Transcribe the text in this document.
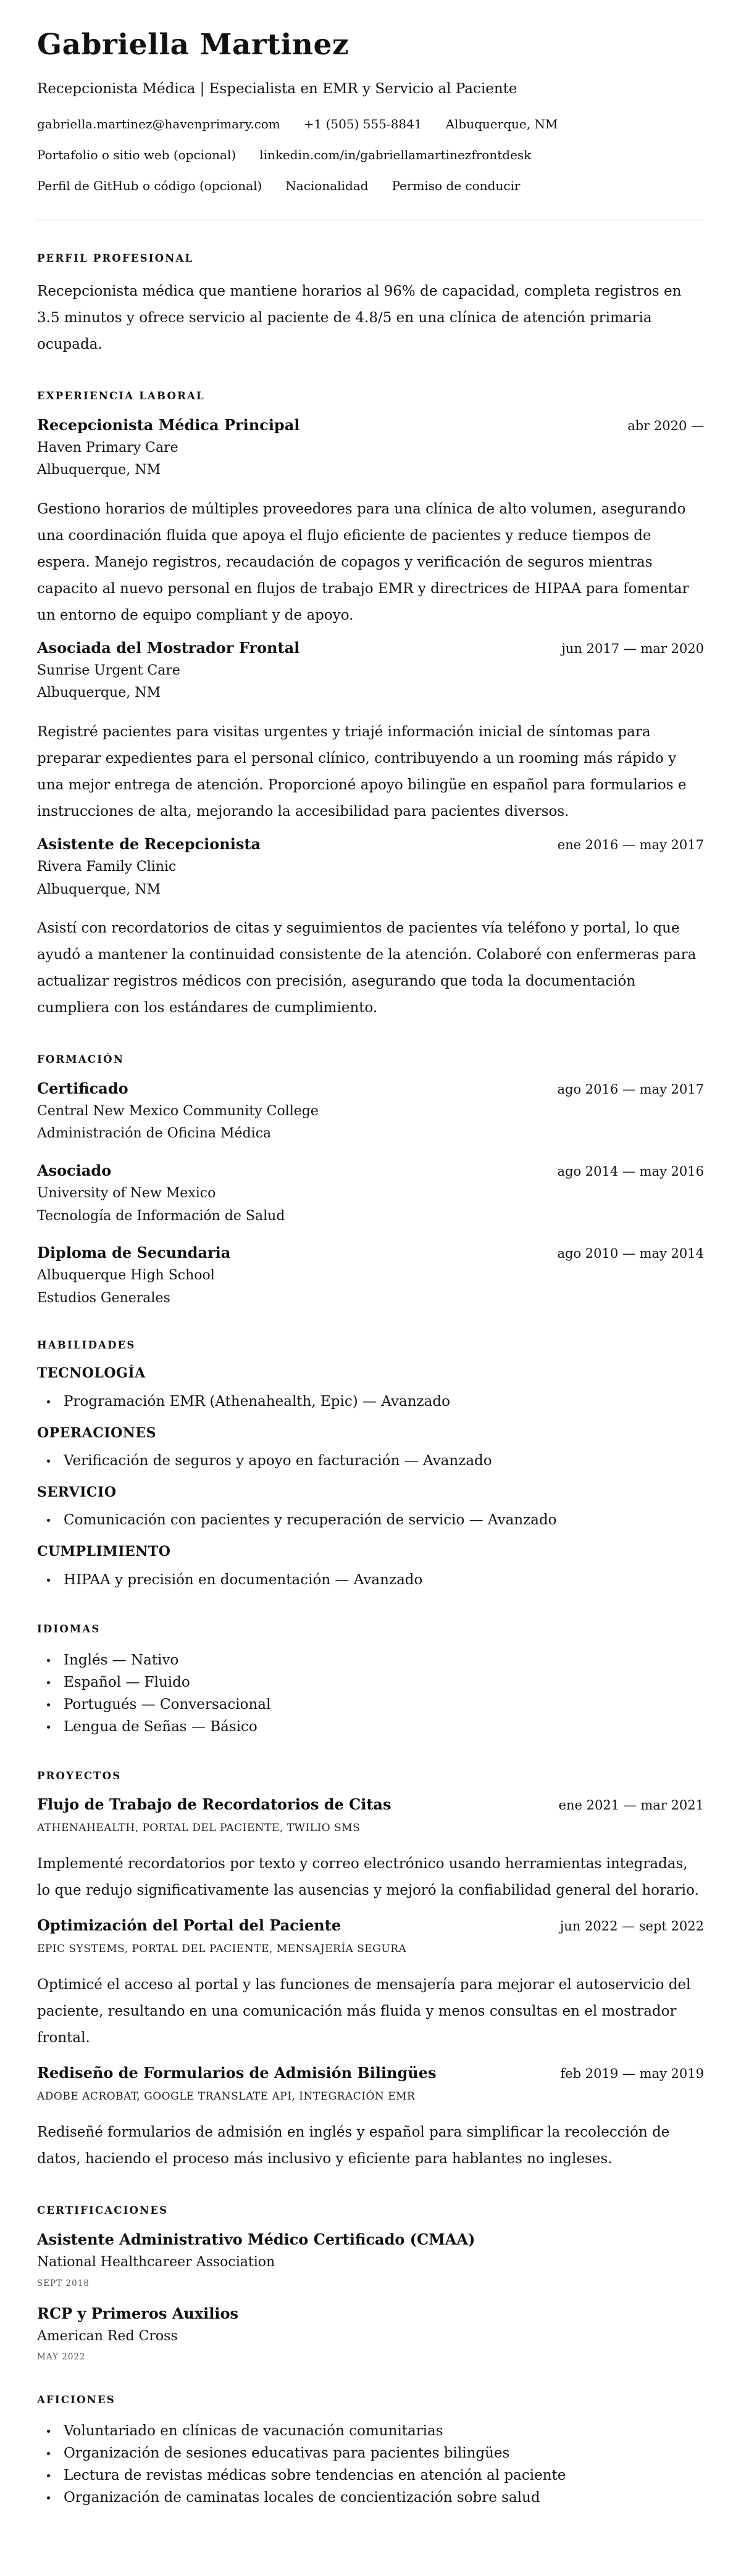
Gabriella Martinez
Recepcionista Médica | Especialista en EMR y Servicio al Paciente
gabriella.martinez@havenprimary.com +1 (505) 555-8841 Albuquerque, NM
Portafolio o sitio web (opcional) linkedin.com/in/gabriellamartinezfrontdesk
Perfil de GitHub o código (opcional) Nacionalidad Permiso de conducir
PERFIL PROFESIONAL

Recepcionista médica que mantiene horarios al 96% de capacidad, completa registros en 3.5 minutos y ofrece servicio al paciente de 4.8/5 en una clínica de atención primaria ocupada.

EXPERIENCIA LABORAL
Recepcionista Médica Principal	abr 2020 —
Haven Primary Care
Albuquerque, NM

Gestiono horarios de múltiples proveedores para una clínica de alto volumen, asegurando una coordinación fluida que apoya el flujo eficiente de pacientes y reduce tiempos de espera. Manejo registros, recaudación de copagos y verificación de seguros mientras capacito al nuevo personal en flujos de trabajo EMR y directrices de HIPAA para fomentar un entorno de equipo compliant y de apoyo.

Asociada del Mostrador Frontal	jun 2017 — mar 2020
Sunrise Urgent Care
Albuquerque, NM

Registré pacientes para visitas urgentes y triajé información inicial de síntomas para preparar expedientes para el personal clínico, contribuyendo a un rooming más rápido y una mejor entrega de atención. Proporcioné apoyo bilingüe en español para formularios e instrucciones de alta, mejorando la accesibilidad para pacientes diversos.

Asistente de Recepcionista	ene 2016 — may 2017
Rivera Family Clinic
Albuquerque, NM

Asistí con recordatorios de citas y seguimientos de pacientes vía teléfono y portal, lo que ayudó a mantener la continuidad consistente de la atención. Colaboré con enfermeras para actualizar registros médicos con precisión, asegurando que toda la documentación cumpliera con los estándares de cumplimiento.

FORMACIÓN
Certificado	ago 2016 — may 2017
Central New Mexico Community College
Administración de Oficina Médica
Asociado	ago 2014 — may 2016
University of New Mexico
Tecnología de Información de Salud
Diploma de Secundaria	ago 2010 — may 2014
Albuquerque High School
Estudios Generales
HABILIDADES
TECNOLOGÍA
Programación EMR (Athenahealth, Epic) — Avanzado
OPERACIONES
Verificación de seguros y apoyo en facturación — Avanzado
SERVICIO
Comunicación con pacientes y recuperación de servicio — Avanzado
CUMPLIMIENTO
HIPAA y precisión en documentación — Avanzado
IDIOMAS
Inglés — Nativo
Español — Fluido
Portugués — Conversacional
Lengua de Señas — Básico
PROYECTOS
Flujo de Trabajo de Recordatorios de Citas	ene 2021 — mar 2021
ATHENAHEALTH, PORTAL DEL PACIENTE, TWILIO SMS

Implementé recordatorios por texto y correo electrónico usando herramientas integradas, lo que redujo significativamente las ausencias y mejoró la confiabilidad general del horario.

Optimización del Portal del Paciente	jun 2022 — sept 2022
EPIC SYSTEMS, PORTAL DEL PACIENTE, MENSAJERÍA SEGURA

Optimicé el acceso al portal y las funciones de mensajería para mejorar el autoservicio del paciente, resultando en una comunicación más fluida y menos consultas en el mostrador frontal.

Rediseño de Formularios de Admisión Bilingües	feb 2019 — may 2019
ADOBE ACROBAT, GOOGLE TRANSLATE API, INTEGRACIÓN EMR

Rediseñé formularios de admisión en inglés y español para simplificar la recolección de datos, haciendo el proceso más inclusivo y eficiente para hablantes no ingleses.

CERTIFICACIONES
Asistente Administrativo Médico Certificado (CMAA)
National Healthcareer Association
SEPT 2018
RCP y Primeros Auxilios
American Red Cross
MAY 2022
AFICIONES
Voluntariado en clínicas de vacunación comunitarias
Organización de sesiones educativas para pacientes bilingües
Lectura de revistas médicas sobre tendencias en atención al paciente
Organización de caminatas locales de concientización sobre salud
